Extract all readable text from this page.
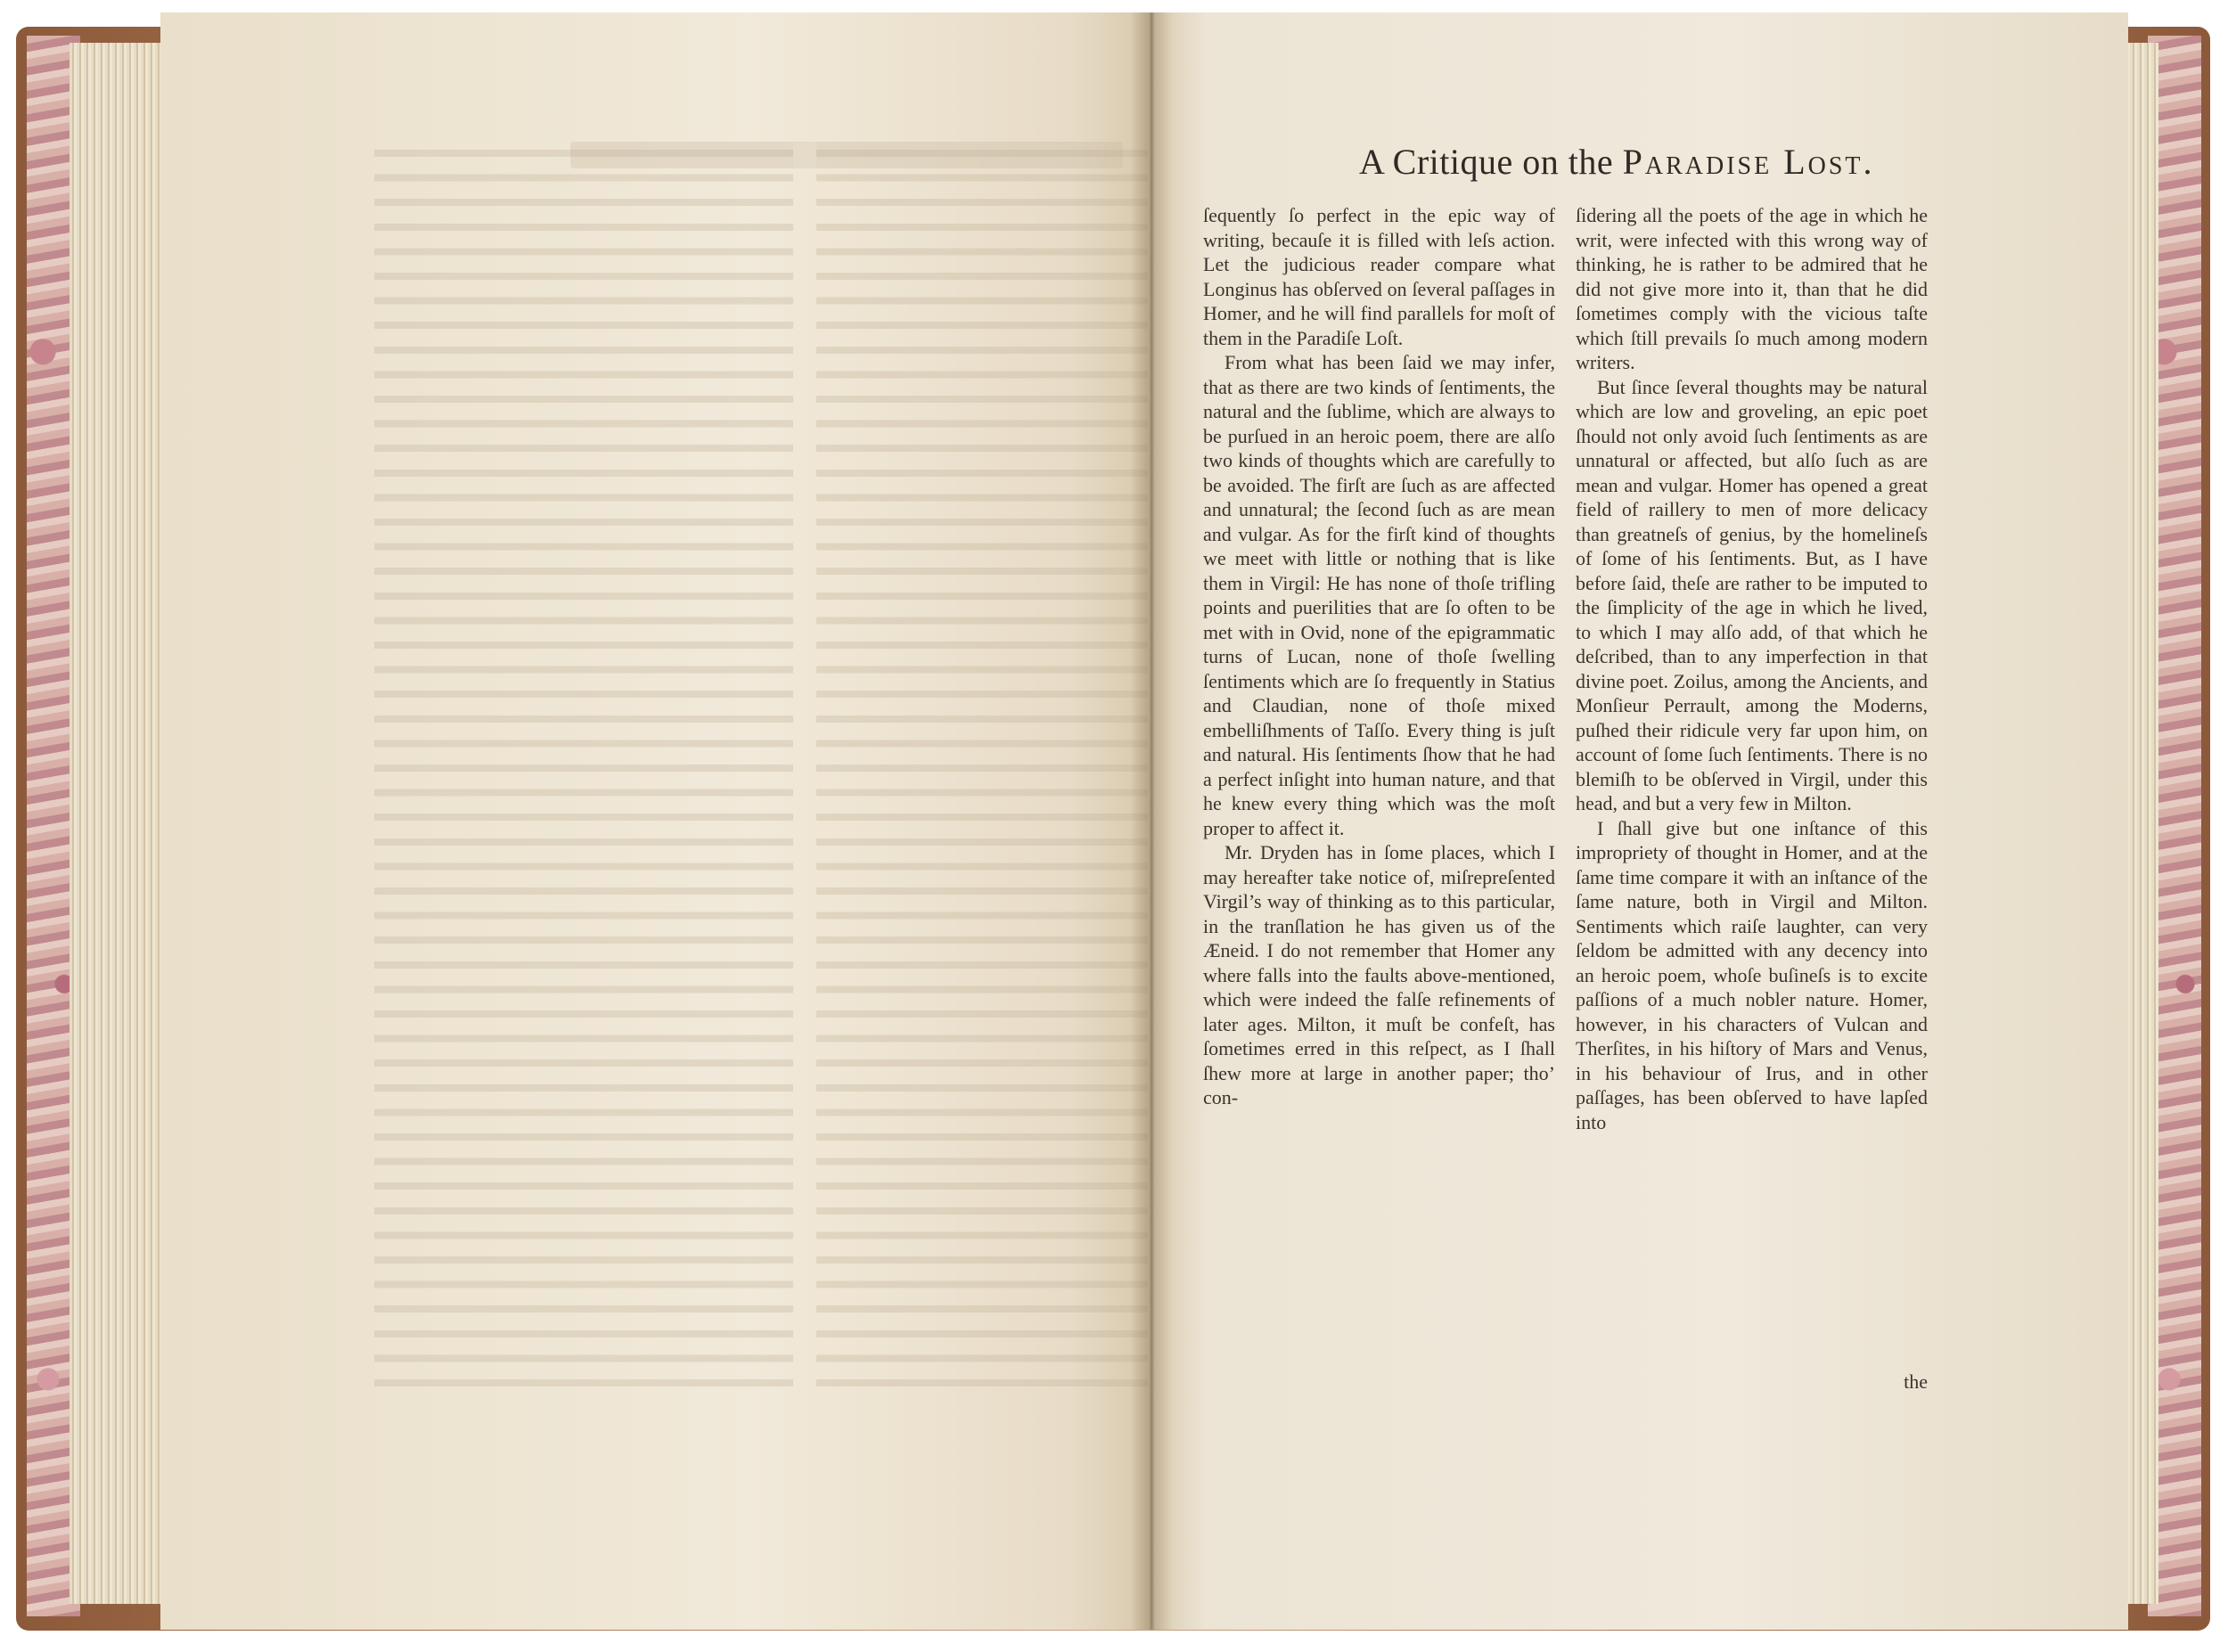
A Critique on the Paradise Lost.

ſequently ſo perfect in the epic way of writing, becauſe it is filled with leſs action. Let the judicious reader compare what Longinus has obſerved on ſeveral paſſages in Homer, and he will find parallels for moſt of them in the Paradiſe Loſt.

From what has been ſaid we may infer, that as there are two kinds of ſentiments, the natural and the ſublime, which are always to be purſued in an heroic poem, there are alſo two kinds of thoughts which are carefully to be avoided. The firſt are ſuch as are affected and unnatural; the ſecond ſuch as are mean and vulgar. As for the firſt kind of thoughts we meet with little or nothing that is like them in Virgil: He has none of thoſe trifling points and puerilities that are ſo often to be met with in Ovid, none of the epigrammatic turns of Lucan, none of thoſe ſwelling ſentiments which are ſo frequently in Statius and Claudian, none of thoſe mixed embelliſhments of Taſſo. Every thing is juſt and natural. His ſentiments ſhow that he had a perfect inſight into human nature, and that he knew every thing which was the moſt proper to affect it.

Mr. Dryden has in ſome places, which I may hereafter take notice of, miſrepreſented Virgil’s way of thinking as to this particular, in the tranſlation he has given us of the Æneid. I do not remember that Homer any where falls into the faults above-mentioned, which were indeed the falſe refinements of later ages. Milton, it muſt be confeſt, has ſometimes erred in this reſpect, as I ſhall ſhew more at large in another paper; tho’ con-

ſidering all the poets of the age in which he writ, were infected with this wrong way of thinking, he is rather to be admired that he did not give more into it, than that he did ſometimes comply with the vicious taſte which ſtill prevails ſo much among modern writers.

But ſince ſeveral thoughts may be natural which are low and groveling, an epic poet ſhould not only avoid ſuch ſentiments as are unnatural or affected, but alſo ſuch as are mean and vulgar. Homer has opened a great field of raillery to men of more delicacy than greatneſs of genius, by the homelineſs of ſome of his ſentiments. But, as I have before ſaid, theſe are rather to be imputed to the ſimplicity of the age in which he lived, to which I may alſo add, of that which he deſcribed, than to any imperfection in that divine poet. Zoilus, among the Ancients, and Monſieur Perrault, among the Moderns, puſhed their ridicule very far upon him, on account of ſome ſuch ſentiments. There is no blemiſh to be obſerved in Virgil, under this head, and but a very few in Milton.

I ſhall give but one inſtance of this impropriety of thought in Homer, and at the ſame time compare it with an inſtance of the ſame nature, both in Virgil and Milton. Sentiments which raiſe laughter, can very ſeldom be admitted with any decency into an heroic poem, whoſe buſineſs is to excite paſſions of a much nobler nature. Homer, however, in his characters of Vulcan and Therſites, in his hiſtory of Mars and Venus, in his behaviour of Irus, and in other paſſages, has been obſerved to have lapſed into

the
